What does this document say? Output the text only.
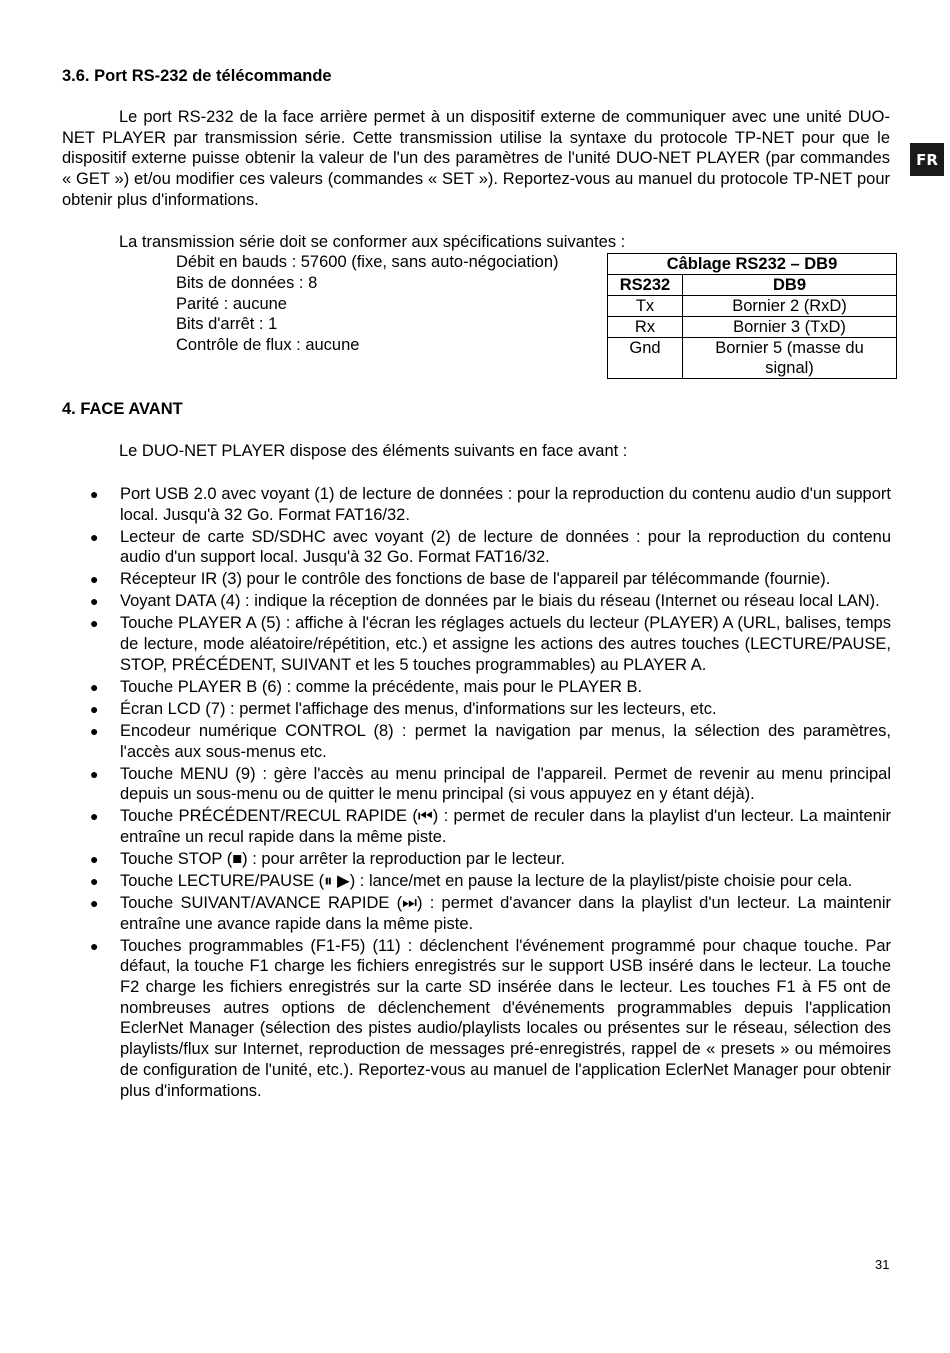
FR
3.6. Port RS-232 de télécommande
Le port RS-232 de la face arrière permet à un dispositif externe de communiquer avec une unité DUO-NET PLAYER par transmission série. Cette transmission utilise la syntaxe du protocole TP-NET pour que le dispositif externe puisse obtenir la valeur de l'un des paramètres de l'unité DUO-NET PLAYER (par commandes « GET ») et/ou modifier ces valeurs (commandes « SET »). Reportez-vous au manuel du protocole TP-NET pour obtenir plus d'informations.
La transmission série doit se conformer aux spécifications suivantes :
Débit en bauds : 57600 (fixe, sans auto-négociation)
Bits de données : 8
Parité : aucune
Bits d'arrêt : 1
Contrôle de flux : aucune
Câblage RS232 – DB9	
RS232	DB9
Tx	Bornier 2 (RxD)
Rx	Bornier 3 (TxD)
Gnd	Bornier 5 (masse du signal)
4. FACE AVANT
Le DUO-NET PLAYER dispose des éléments suivants en face avant :
● Port USB 2.0 avec voyant (1) de lecture de données : pour la reproduction du contenu audio d'un support local. Jusqu'à 32 Go. Format FAT16/32.
● Lecteur de carte SD/SDHC avec voyant (2) de lecture de données : pour la reproduction du contenu audio d'un support local. Jusqu'à 32 Go. Format FAT16/32.
● Récepteur IR (3) pour le contrôle des fonctions de base de l'appareil par télécommande (fournie).
● Voyant DATA (4) : indique la réception de données par le biais du réseau (Internet ou réseau local LAN).
● Touche PLAYER A (5) : affiche à l'écran les réglages actuels du lecteur (PLAYER) A (URL, balises, temps de lecture, mode aléatoire/répétition, etc.) et assigne les actions des autres touches (LECTURE/PAUSE, STOP, PRÉCÉDENT, SUIVANT et les 5 touches programmables) au PLAYER A.
● Touche PLAYER B (6) : comme la précédente, mais pour le PLAYER B.
● Écran LCD (7) : permet l'affichage des menus, d'informations sur les lecteurs, etc.
● Encodeur numérique CONTROL (8) : permet la navigation par menus, la sélection des paramètres, l'accès aux sous-menus etc.
● Touche MENU (9) : gère l'accès au menu principal de l'appareil. Permet de revenir au menu principal depuis un sous-menu ou de quitter le menu principal (si vous appuyez en y étant déjà).
● Touche PRÉCÉDENT/RECUL RAPIDE (⏮) : permet de reculer dans la playlist d'un lecteur. La maintenir entraîne un recul rapide dans la même piste.
● Touche STOP (■) : pour arrêter la reproduction par le lecteur.
● Touche LECTURE/PAUSE (⏸ ▶) : lance/met en pause la lecture de la playlist/piste choisie pour cela.
● Touche SUIVANT/AVANCE RAPIDE (⏭) : permet d'avancer dans la playlist d'un lecteur. La maintenir entraîne une avance rapide dans la même piste.
● Touches programmables (F1-F5) (11) : déclenchent l'événement programmé pour chaque touche. Par défaut, la touche F1 charge les fichiers enregistrés sur le support USB inséré dans le lecteur. La touche F2 charge les fichiers enregistrés sur la carte SD insérée dans le lecteur. Les touches F1 à F5 ont de nombreuses autres options de déclenchement d'événements programmables depuis l'application EclerNet Manager (sélection des pistes audio/playlists locales ou présentes sur le réseau, sélection des playlists/flux sur Internet, reproduction de messages pré-enregistrés, rappel de « presets » ou mémoires de configuration de l'unité, etc.). Reportez-vous au manuel de l'application EclerNet Manager pour obtenir plus d'informations.
31
